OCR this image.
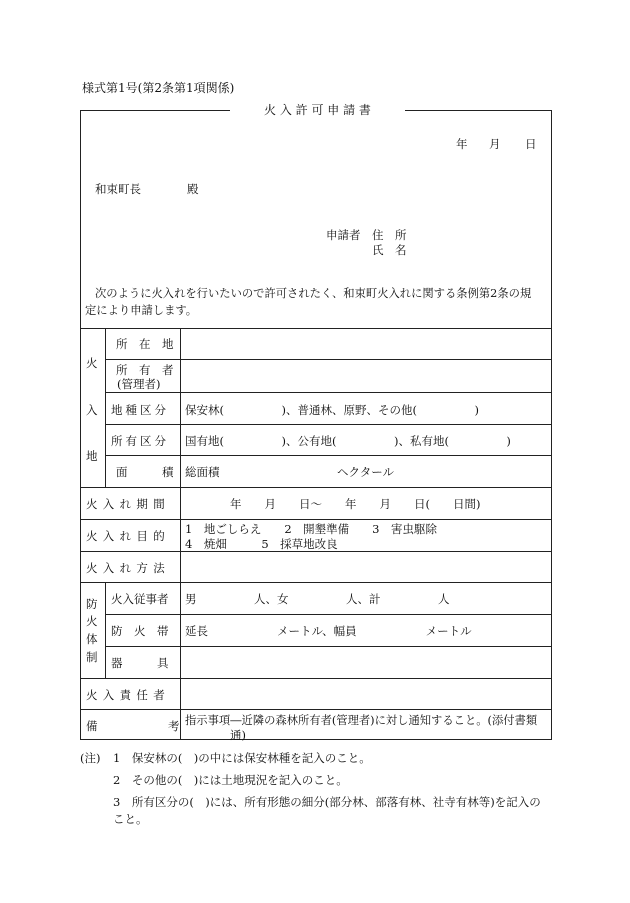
様式第1号(第2条第1項関係)
火 入 許 可 申 請 書
年 月 日
和束町長	殿
申請者 住　所
氏　名
次のように火入れを行いたいので許可されたく、和束町火入れに関する条例第2条の規
定により申請します。
火
入
地
防
火
体
制
所　在　地
所　有　者
(管理者)
地種区分
所有区分
面　　　積
火入れ期間
火入れ目的
火入れ方法
火入責任者
備　　　考
火入従事者
防　火　帯
器　　　具
保安林(　　　　　)、普通林、原野、その他(　　　　　)
国有地(　　　　　)、公有地(　　　　　)、私有地(　　　　　)
総面積	ヘクタール
年　　月　　日〜　　年　　月　　日(　　日間)
1　地ごしらえ　　2　開墾準備　　3　害虫駆除
4　焼畑　　　5　採草地改良
男　　　　　人、女　　　　　人、計　　　　　人
延長　　　　　　メートル、幅員　　　　　　メートル
指示事項―近隣の森林所有者(管理者)に対し通知すること。(添付書類
通)
(注) 1　保安林の(　)の中には保安林種を記入のこと。
2　その他の(　)には土地現況を記入のこと。
3　所有区分の(　)には、所有形態の細分(部分林、部落有林、社寺有林等)を記入の
こと。
